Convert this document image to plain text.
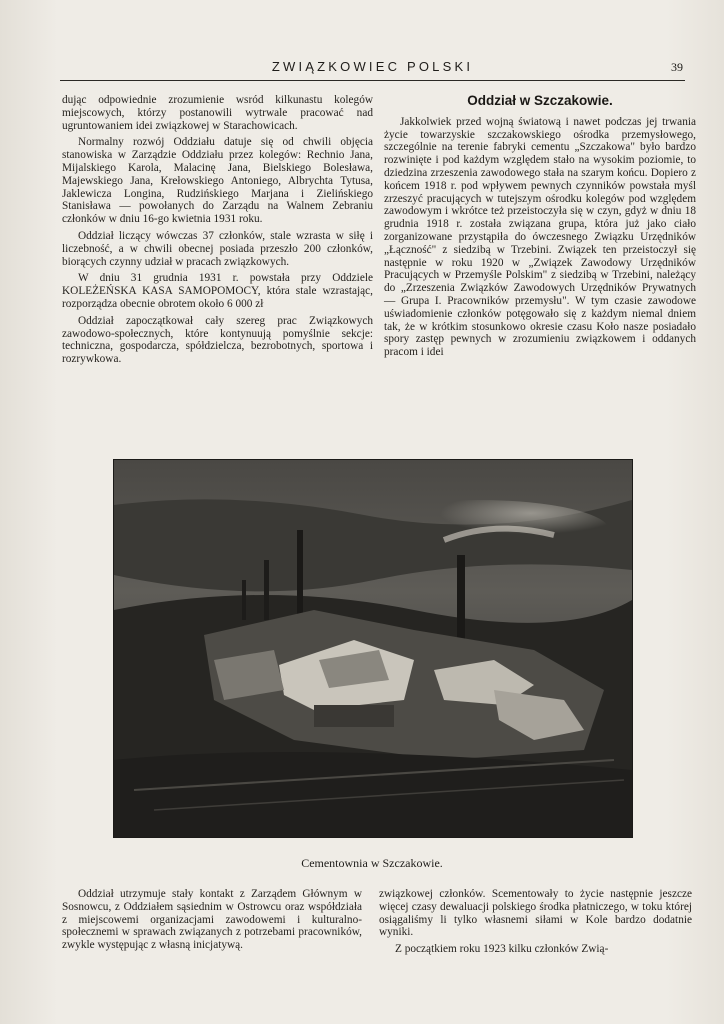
ZWIĄZKOWIEC POLSKI	39

dując odpowiednie zrozumienie wsród kilkunastu kolegów miejscowych, którzy postanowili wytrwale pracować nad ugruntowaniem idei związkowej w Starachowicach.

Normalny rozwój Oddziału datuje się od chwili objęcia stanowiska w Zarządzie Oddziału przez kolegów: Rechnio Jana, Mijalskiego Karola, Malacinę Jana, Bielskiego Bolesława, Majewskiego Jana, Krełowskiego Antoniego, Albrychta Tytusa, Jaklewicza Longina, Rudzińskiego Marjana i Zielińskiego Stanisława — powołanych do Zarządu na Walnem Zebraniu członków w dniu 16-go kwietnia 1931 roku.

Oddział liczący wówczas 37 członków, stale wzrasta w siłę i liczebność, a w chwili obecnej posiada przeszło 200 członków, biorących czynny udział w pracach związkowych.

W dniu 31 grudnia 1931 r. powstała przy Oddziele KOLEŻEŃSKA KASA SAMOPOMOCY, która stale wzrastając, rozporządza obecnie obrotem około 6 000 zł

Oddział zapoczątkował cały szereg prac Związkowych zawodowo-społecznych, które kontynuują pomyślnie sekcje: techniczna, gospodarcza, spółdzielcza, bezrobotnych, sportowa i rozrywkowa.

Oddział w Szczakowie.

Jakkolwiek przed wojną światową i nawet podczas jej trwania życie towarzyskie szczakowskiego ośrodka przemysłowego, szczególnie na terenie fabryki cementu „Szczakowa" było bardzo rozwinięte i pod każdym względem stało na wysokim poziomie, to dziedzina zrzeszenia zawodowego stała na szarym końcu. Dopiero z końcem 1918 r. pod wpływem pewnych czynników powstała myśl zrzeszyć pracujących w tutejszym ośrodku kolegów pod względem zawodowym i wkrótce też przeistoczyła się w czyn, gdyż w dniu 18 grudnia 1918 r. została związana grupa, która już jako ciało zorganizowane przystąpiła do ówczesnego Związku Urzędników „Łączność" z siedzibą w Trzebini. Związek ten przeistoczył się następnie w roku 1920 w „Związek Zawodowy Urzędników Pracujących w Przemyśle Polskim" z siedzibą w Trzebini, należący do „Zrzeszenia Związków Zawodowych Urzędników Prywatnych — Grupa I. Pracowników przemysłu". W tym czasie zawodowe uświadomienie członków potęgowało się z każdym niemal dniem tak, że w krótkim stosunkowo okresie czasu Koło nasze posiadało spory zastęp pewnych w zrozumieniu związkowem i oddanych pracom i idei

Cementownia w Szczakowie.

Oddział utrzymuje stały kontakt z Zarządem Głównym w Sosnowcu, z Oddziałem sąsiednim w Ostrowcu oraz współdziała z miejscowemi organizacjami zawodowemi i kulturalno-społecznemi w sprawach związanych z potrzebami pracowników, zwykle występując z własną inicjatywą.

związkowej członków. Scementowały to życie następnie jeszcze więcej czasy dewaluacji polskiego środka płatniczego, w toku której osiągaliśmy li tylko własnemi siłami w Kole bardzo dodatnie wyniki.

Z początkiem roku 1923 kilku członków Zwią-
